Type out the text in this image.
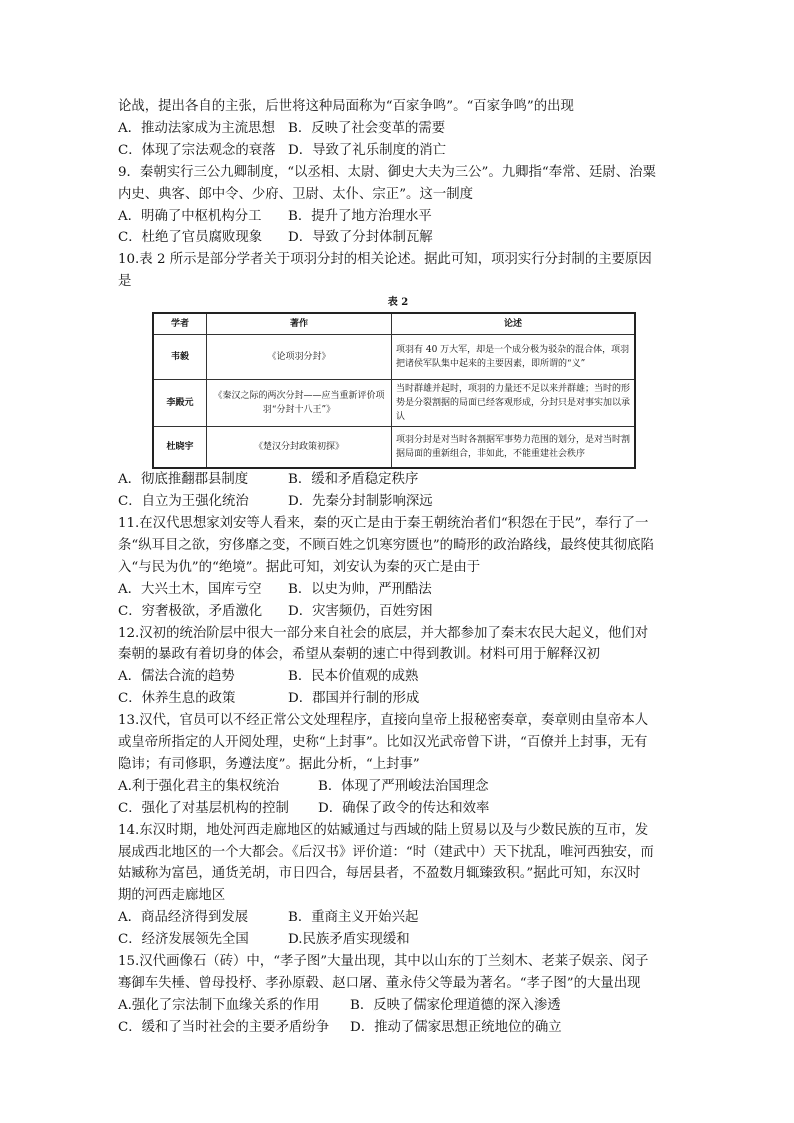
论战，提出各自的主张，后世将这种局面称为“百家争鸣”。“百家争鸣”的出现
A．推动法家成为主流思想 B．反映了社会变革的需要
C．体现了宗法观念的衰落 D．导致了礼乐制度的消亡
9．秦朝实行三公九卿制度，“以丞相、太尉、御史大夫为三公”。九卿指“奉常、廷尉、治粟
内史、典客、郎中令、少府、卫尉、太仆、宗正”。这一制度
A．明确了中枢机构分工	B．提升了地方治理水平
C．杜绝了官员腐败现象	D．导致了分封体制瓦解
10.表 2 所示是部分学者关于项羽分封的相关论述。据此可知，项羽实行分封制的主要原因
是
表 2
学者	著作	论述
韦毅	《论项羽分封》	项羽有 40 万大军，却是一个成分极为驳杂的混合体，项羽把诸侯军队集中起来的主要因素，即所谓的“义”
李殿元	《秦汉之际的两次分封——应当重新评价项羽“分封十八王”》	当时群雄并起时，项羽的力量还不足以来并群雄；当时的形势是分裂割据的局面已经客观形成，分封只是对事实加以承认
杜晓宇	《楚汉分封政策初探》	项羽分封是对当时各割据军事势力范围的划分，是对当时割据局面的重新组合，非如此，不能重建社会秩序
A．彻底推翻郡县制度	B．缓和矛盾稳定秩序
C．自立为王强化统治	D．先秦分封制影响深远
11.在汉代思想家刘安等人看来，秦的灭亡是由于秦王朝统治者们“积怨在于民”，奉行了一
条“纵耳目之欲，穷侈靡之变，不顾百姓之饥寒穷匮也”的畸形的政治路线，最终使其彻底陷
入“与民为仇”的“绝境”。据此可知，刘安认为秦的灭亡是由于
A．大兴土木，国库亏空	B．以史为帅，严刑酷法
C．穷奢极欲，矛盾激化	D．灾害频仍，百姓穷困
12.汉初的统治阶层中很大一部分来自社会的底层，并大都参加了秦末农民大起义，他们对
秦朝的暴政有着切身的体会，希望从秦朝的速亡中得到教训。材料可用于解释汉初
A．儒法合流的趋势	B．民本价值观的成熟
C．休养生息的政策	D．郡国并行制的形成
13.汉代，官员可以不经正常公文处理程序，直接向皇帝上报秘密奏章，奏章则由皇帝本人
或皇帝所指定的人开阅处理，史称“上封事”。比如汉光武帝曾下讲，“百僚并上封事，无有
隐讳；有司修职，务遵法度”。据此分析，“上封事”
A.利于强化君主的集权统治	B．体现了严刑峻法治国理念
C．强化了对基层机构的控制	D．确保了政令的传达和效率
14.东汉时期，地处河西走廊地区的姑臧通过与西域的陆上贸易以及与少数民族的互市，发
展成西北地区的一个大都会。《后汉书》评价道：“时（建武中）天下扰乱，唯河西独安，而
姑臧称为富邑，通货羌胡，市日四合，每居县者，不盈数月辄臻致积。”据此可知，东汉时
期的河西走廊地区
A．商品经济得到发展	B．重商主义开始兴起
C．经济发展领先全国	D.民族矛盾实现缓和
15.汉代画像石（砖）中，“孝子图”大量出现，其中以山东的丁兰刻木、老莱子娱亲、闵子
骞御车失棰、曾母投杼、孝孙原毂、赵口屠、董永侍父等最为著名。“孝子图”的大量出现
A.强化了宗法制下血缘关系的作用	B．反映了儒家伦理道德的深入渗透
C．缓和了当时社会的主要矛盾纷争	D．推动了儒家思想正统地位的确立
